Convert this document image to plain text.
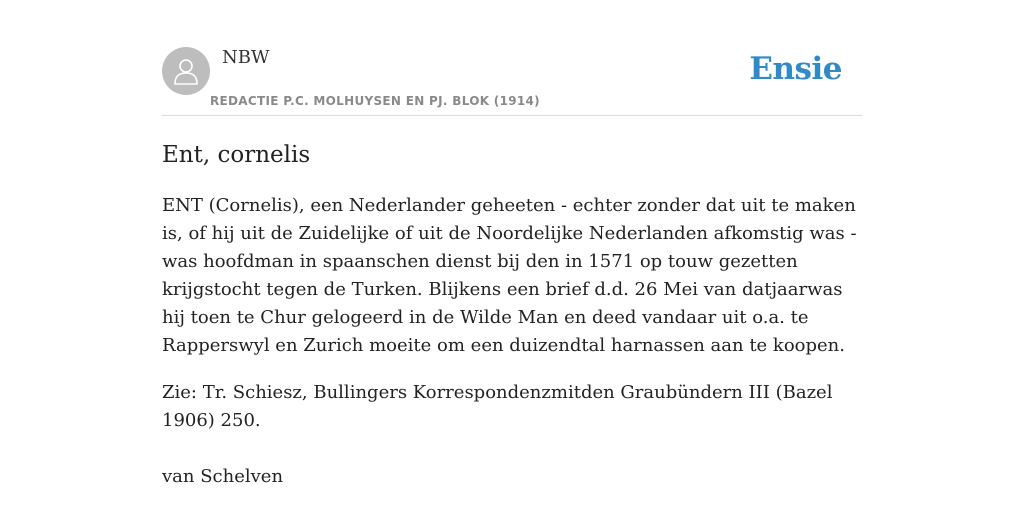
NBW
REDACTIE P.C. MOLHUYSEN EN PJ. BLOK (1914)
Ensie
Ent, cornelis

ENT (Cornelis), een Nederlander geheeten - echter zonder dat uit te maken is, of hij uit de Zuidelijke of uit de Noordelijke Nederlanden afkomstig was - was hoofdman in spaanschen dienst bij den in 1571 op touw gezetten krijgstocht tegen de Turken. Blijkens een brief d.d. 26 Mei van datjaarwas hij toen te Chur gelogeerd in de Wilde Man en deed vandaar uit o.a. te Rapperswyl en Zurich moeite om een duizendtal harnassen aan te koopen.

Zie: Tr. Schiesz, Bullingers Korrespondenzmitden Graubündern III (Bazel 1906) 250.

van Schelven
